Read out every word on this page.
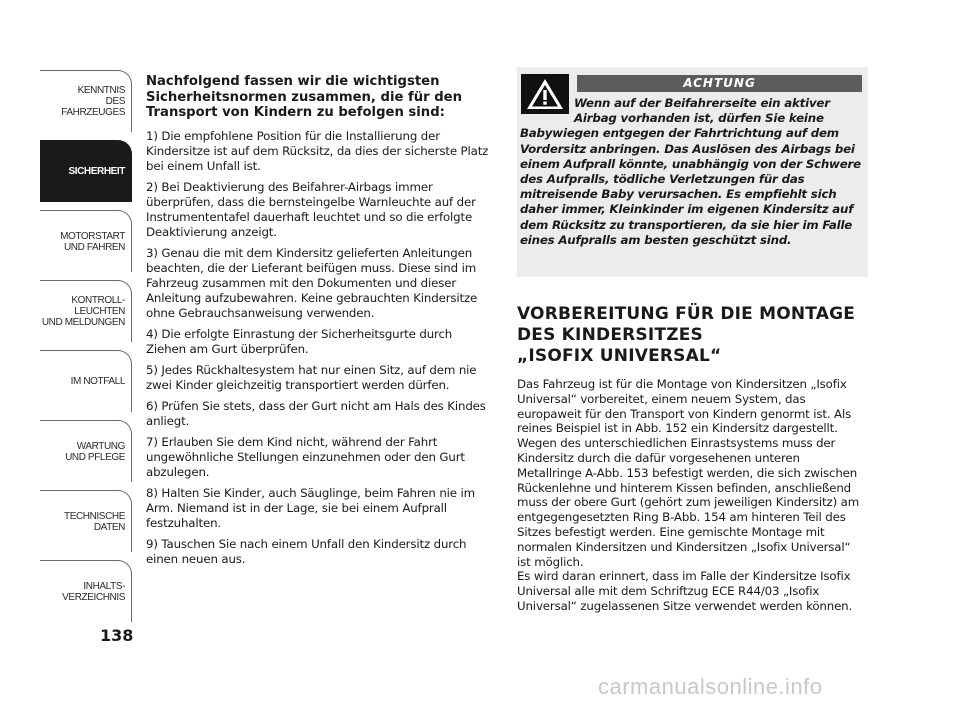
KENNTNIS
DES FAHRZEUGES
SICHERHEIT
MOTORSTART
UND FAHREN
KONTROLL-
LEUCHTEN
UND MELDUNGEN
IM NOTFALL
WARTUNG
UND PFLEGE
TECHNISCHE
DATEN
INHALTS-
VERZEICHNIS
138

Nachfolgend fassen wir die wichtigsten Sicherheitsnormen zusammen, die für den Transport von Kindern zu befolgen sind:

1) Die empfohlene Position für die Installierung der Kindersitze ist auf dem Rücksitz, da dies der sicherste Platz bei einem Unfall ist.

2) Bei Deaktivierung des Beifahrer-Airbags immer überprüfen, dass die bernsteingelbe Warnleuchte auf der Instrumententafel dauerhaft leuchtet und so die erfolgte Deaktivierung anzeigt.

3) Genau die mit dem Kindersitz gelieferten Anleitungen beachten, die der Lieferant beifügen muss. Diese sind im Fahrzeug zusammen mit den Dokumenten und dieser Anleitung aufzubewahren. Keine gebrauchten Kindersitze ohne Gebrauchsanweisung verwenden.

4) Die erfolgte Einrastung der Sicherheitsgurte durch Ziehen am Gurt überprüfen.

5) Jedes Rückhaltesystem hat nur einen Sitz, auf dem nie zwei Kinder gleichzeitig transportiert werden dürfen.

6) Prüfen Sie stets, dass der Gurt nicht am Hals des Kindes anliegt.

7) Erlauben Sie dem Kind nicht, während der Fahrt ungewöhnliche Stellungen einzunehmen oder den Gurt abzulegen.

8) Halten Sie Kinder, auch Säuglinge, beim Fahren nie im Arm. Niemand ist in der Lage, sie bei einem Aufprall festzuhalten.

9) Tauschen Sie nach einem Unfall den Kindersitz durch einen neuen aus.

ACHTUNG

Wenn auf der Beifahrerseite ein aktiver Airbag vorhanden ist, dürfen Sie keine Babywiegen entgegen der Fahrtrichtung auf dem Vordersitz anbringen. Das Auslösen des Airbags bei einem Aufprall könnte, unabhängig von der Schwere des Aufpralls, tödliche Verletzungen für das mitreisende Baby verursachen. Es empfiehlt sich daher immer, Kleinkinder im eigenen Kindersitz auf dem Rücksitz zu transportieren, da sie hier im Falle eines Aufpralls am besten geschützt sind.

VORBEREITUNG FÜR DIE MONTAGE
DES KINDERSITZES
„ISOFIX UNIVERSAL“

Das Fahrzeug ist für die Montage von Kindersitzen „Isofix Universal“ vorbereitet, einem neuem System, das europaweit für den Transport von Kindern genormt ist. Als reines Beispiel ist in Abb. 152 ein Kindersitz dargestellt. Wegen des unterschiedlichen Einrastsystems muss der Kindersitz durch die dafür vorgesehenen unteren Metallringe A-Abb. 153 befestigt werden, die sich zwischen Rückenlehne und hinterem Kissen befinden, anschließend muss der obere Gurt (gehört zum jeweiligen Kindersitz) am entgegengesetzten Ring B-Abb. 154 am hinteren Teil des Sitzes befestigt werden. Eine gemischte Montage mit normalen Kindersitzen und Kindersitzen „Isofix Universal“ ist möglich.

Es wird daran erinnert, dass im Falle der Kindersitze Isofix Universal alle mit dem Schriftzug ECE R44/03 „Isofix Universal“ zugelassenen Sitze verwendet werden können.

carmanualsonline.info
